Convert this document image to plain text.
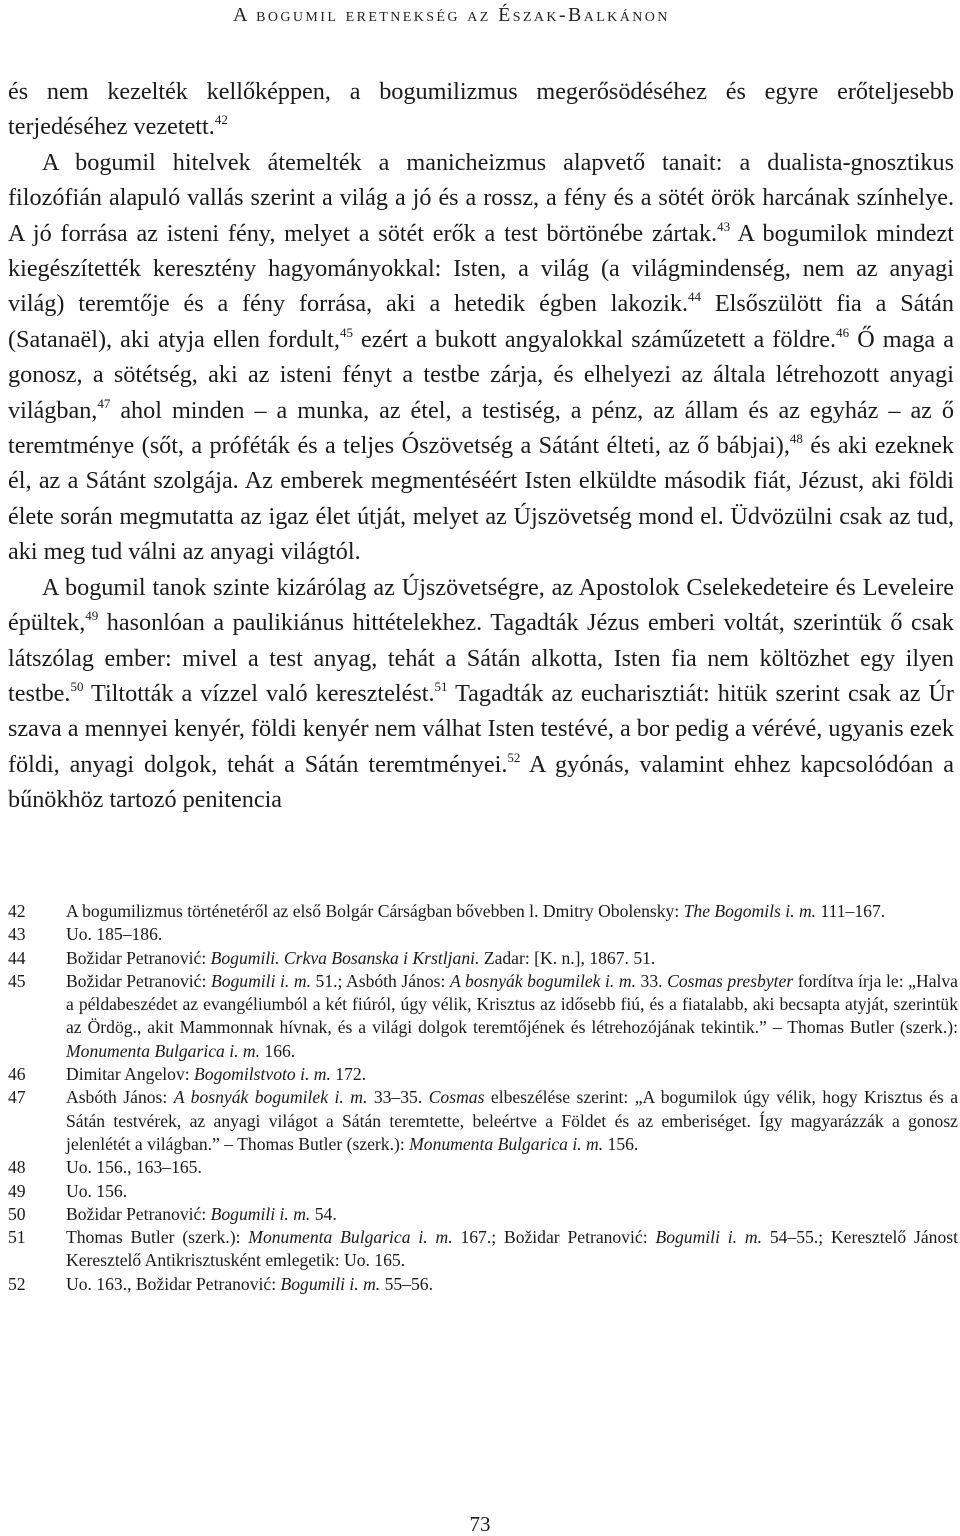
A bogumil eretnekség az Észak-Balkánon

és nem kezelték kellőképpen, a bogumilizmus megerősödéséhez és egyre erőteljesebb terjedéséhez vezetett.$^{42}$

A bogumil hitelvek átemelték a manicheizmus alapvető tanait: a dualista-gnosztikus filozófián alapuló vallás szerint a világ a jó és a rossz, a fény és a sötét örök harcának színhelye. A jó forrása az isteni fény, melyet a sötét erők a test börtönébe zártak.$^{43}$ A bogumilok mindezt kiegészítették keresztény hagyományokkal: Isten, a világ (a világmindenség, nem az anyagi világ) teremtője és a fény forrása, aki a hetedik égben lakozik.$^{44}$ Elsőszülött fia a Sátán (Satanaël), aki atyja ellen fordult,$^{45}$ ezért a bukott angyalokkal száműzetett a földre.$^{46}$ Ő maga a gonosz, a sötétség, aki az isteni fényt a testbe zárja, és elhelyezi az általa létrehozott anyagi világban,$^{47}$ ahol minden – a munka, az étel, a testiség, a pénz, az állam és az egyház – az ő teremtménye (sőt, a próféták és a teljes Ószövetség a Sátánt élteti, az ő bábjai),$^{48}$ és aki ezeknek él, az a Sátánt szolgája. Az emberek megmentéséért Isten elküldte második fiát, Jézust, aki földi élete során megmutatta az igaz élet útját, melyet az Újszövetség mond el. Üdvözülni csak az tud, aki meg tud válni az anyagi világtól.

A bogumil tanok szinte kizárólag az Újszövetségre, az Apostolok Cselekedeteire és Leveleire épültek,$^{49}$ hasonlóan a paulikiánus hittételekhez. Tagadták Jézus emberi voltát, szerintük ő csak látszólag ember: mivel a test anyag, tehát a Sátán alkotta, Isten fia nem költözhet egy ilyen testbe.$^{50}$ Tiltották a vízzel való keresztelést.$^{51}$ Tagadták az eucharisztiát: hitük szerint csak az Úr szava a mennyei kenyér, földi kenyér nem válhat Isten testévé, a bor pedig a vérévé, ugyanis ezek földi, anyagi dolgok, tehát a Sátán teremtményei.$^{52}$ A gyónás, valamint ehhez kapcsolódóan a bűnökhöz tartozó penitencia

42	A bogumilizmus történetéről az első Bolgár Cárságban bővebben l. Dmitry Obolensky: The Bogomils i. m. 111–167.
43	Uo. 185–186.
44	Božidar Petranović: Bogumili. Crkva Bosanska i Krstljani. Zadar: [K. n.], 1867. 51.
45	Božidar Petranović: Bogumili i. m. 51.; Asbóth János: A bosnyák bogumilek i. m. 33. Cosmas presbyter fordítva írja le: „Halva a példabeszédet az evangéliumból a két fiúról, úgy vélik, Krisztus az idősebb fiú, és a fiatalabb, aki becsapta atyját, szerintük az Ördög., akit Mammonnak hívnak, és a világi dolgok teremtőjének és létrehozójának tekintik.” – Thomas Butler (szerk.): Monumenta Bulgarica i. m. 166.
46	Dimitar Angelov: Bogomilstvoto i. m. 172.
47	Asbóth János: A bosnyák bogumilek i. m. 33–35. Cosmas elbeszélése szerint: „A bogumilok úgy vélik, hogy Krisztus és a Sátán testvérek, az anyagi világot a Sátán teremtette, beleértve a Földet és az emberiséget. Így magyarázzák a gonosz jelenlétét a világban.” – Thomas Butler (szerk.): Monumenta Bulgarica i. m. 156.
48	Uo. 156., 163–165.
49	Uo. 156.
50	Božidar Petranović: Bogumili i. m. 54.
51	Thomas Butler (szerk.): Monumenta Bulgarica i. m. 167.; Božidar Petranović: Bogumili i. m. 54–55.; Keresztelő Jánost Keresztelő Antikrisztusként emlegetik: Uo. 165.
52	Uo. 163., Božidar Petranović: Bogumili i. m. 55–56.
73
